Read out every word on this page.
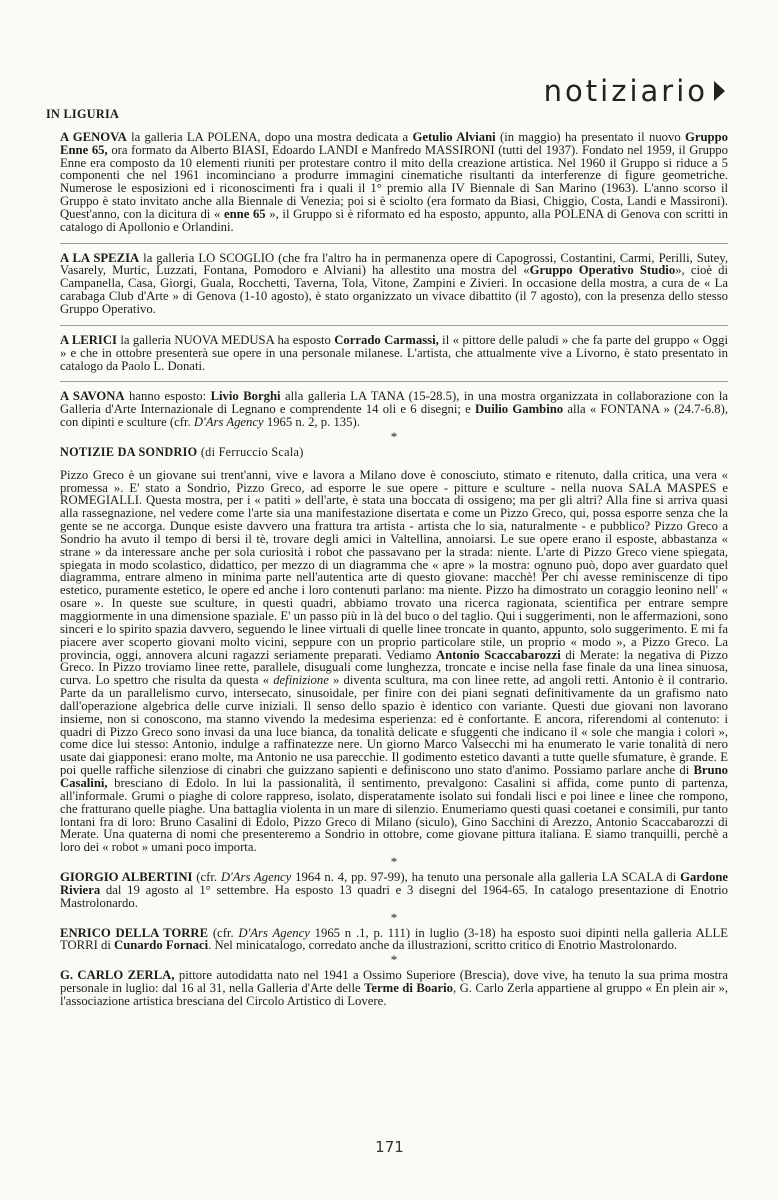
notiziario
IN LIGURIA

A GENOVA la galleria LA POLENA, dopo una mostra dedicata a Getulio Alviani (in maggio) ha presentato il nuovo Gruppo Enne 65, ora formato da Alberto BIASI, Edoardo LANDI e Manfredo MASSIRONI (tutti del 1937). Fondato nel 1959, il Gruppo Enne era composto da 10 elementi riuniti per protestare contro il mito della creazione artistica. Nel 1960 il Gruppo si riduce a 5 componenti che nel 1961 incominciano a produrre immagini cinematiche risultanti da interferenze di figure geometriche. Numerose le esposizioni ed i riconoscimenti fra i quali il 1° premio alla IV Biennale di San Marino (1963). L'anno scorso il Gruppo è stato invitato anche alla Biennale di Venezia; poi si è sciolto (era formato da Biasi, Chiggio, Costa, Landi e Massironi). Quest'anno, con la dicitura di « enne 65 », il Gruppo si è riformato ed ha esposto, appunto, alla POLENA di Genova con scritti in catalogo di Apollonio e Orlandini.

A LA SPEZIA la galleria LO SCOGLIO (che fra l'altro ha in permanenza opere di Capogrossi, Costantini, Carmi, Perilli, Sutey, Vasarely, Murtic, Luzzati, Fontana, Pomodoro e Alviani) ha allestito una mostra del «Gruppo Operativo Studio», cioè di Campanella, Casa, Giorgi, Guala, Rocchetti, Taverna, Tola, Vitone, Zampini e Zivieri. In occasione della mostra, a cura de « La carabaga Club d'Arte » di Genova (1-10 agosto), è stato organizzato un vivace dibattito (il 7 agosto), con la presenza dello stesso Gruppo Operativo.

A LERICI la galleria NUOVA MEDUSA ha esposto Corrado Carmassi, il « pittore delle paludi » che fa parte del gruppo « Oggi » e che in ottobre presenterà sue opere in una personale milanese. L'artista, che attualmente vive a Livorno, è stato presentato in catalogo da Paolo L. Donati.

A SAVONA hanno esposto: Livio Borghi alla galleria LA TANA (15-28.5), in una mostra organizzata in collaborazione con la Galleria d'Arte Internazionale di Legnano e comprendente 14 oli e 6 disegni; e Duilio Gambino alla « FONTANA » (24.7-6.8), con dipinti e sculture (cfr. D'Ars Agency 1965 n. 2, p. 135).

*
NOTIZIE DA SONDRIO (di Ferruccio Scala)

Pizzo Greco è un giovane sui trent'anni, vive e lavora a Milano dove è conosciuto, stimato e ritenuto, dalla critica, una vera « promessa ». E' stato a Sondrio, Pizzo Greco, ad esporre le sue opere - pitture e sculture - nella nuova SALA MASPES e ROMEGIALLI. Questa mostra, per i « patiti » dell'arte, è stata una boccata di ossigeno; ma per gli altri? Alla fine si arriva quasi alla rassegnazione, nel vedere come l'arte sia una manifestazione disertata e come un Pizzo Greco, qui, possa esporre senza che la gente se ne accorga. Dunque esiste davvero una frattura tra artista - artista che lo sia, naturalmente - e pubblico? Pizzo Greco a Sondrio ha avuto il tempo di bersi il tè, trovare degli amici in Valtellina, annoiarsi. Le sue opere erano il esposte, abbastanza « strane » da interessare anche per sola curiosità i robot che passavano per la strada: niente. L'arte di Pizzo Greco viene spiegata, spiegata in modo scolastico, didattico, per mezzo di un diagramma che « apre » la mostra: ognuno può, dopo aver guardato quel diagramma, entrare almeno in minima parte nell'autentica arte di questo giovane: macchè! Per chi avesse reminiscenze di tipo estetico, puramente estetico, le opere ed anche i loro contenuti parlano: ma niente. Pizzo ha dimostrato un coraggio leonino nell' « osare ». In queste sue sculture, in questi quadri, abbiamo trovato una ricerca ragionata, scientifica per entrare sempre maggiormente in una dimensione spaziale. E' un passo più in là del buco o del taglio. Qui i suggerimenti, non le affermazioni, sono sinceri e lo spirito spazia davvero, seguendo le linee virtuali di quelle linee troncate in quanto, appunto, solo suggerimento. E mi fa piacere aver scoperto giovani molto vicini, seppure con un proprio particolare stile, un proprio « modo », a Pizzo Greco. La provincia, oggi, annovera alcuni ragazzi seriamente preparati. Vediamo Antonio Scaccabarozzi di Merate: la negativa di Pizzo Greco. In Pizzo troviamo linee rette, parallele, disuguali come lunghezza, troncate e incise nella fase finale da una linea sinuosa, curva. Lo spettro che risulta da questa « definizione » diventa scultura, ma con linee rette, ad angoli retti. Antonio è il contrario. Parte da un parallelismo curvo, intersecato, sinusoidale, per finire con dei piani segnati definitivamente da un grafismo nato dall'operazione algebrica delle curve iniziali. Il senso dello spazio è identico con variante. Questi due giovani non lavorano insieme, non si conoscono, ma stanno vivendo la medesima esperienza: ed è confortante. E ancora, riferendomi al contenuto: i quadri di Pizzo Greco sono invasi da una luce bianca, da tonalità delicate e sfuggenti che indicano il « sole che mangia i colori », come dice lui stesso: Antonio, indulge a raffinatezze nere. Un giorno Marco Valsecchi mi ha enumerato le varie tonalità di nero usate dai giapponesi: erano molte, ma Antonio ne usa parecchie. Il godimento estetico davanti a tutte quelle sfumature, è grande. E poi quelle raffiche silenziose di cinabri che guizzano sapienti e definiscono uno stato d'animo. Possiamo parlare anche di Bruno Casalini, bresciano di Edolo. In lui la passionalità, il sentimento, prevalgono: Casalini si affida, come punto di partenza, all'informale. Grumi o piaghe di colore rappreso, isolato, disperatamente isolato sui fondali lisci e poi linee e linee che rompono, che fratturano quelle piaghe. Una battaglia violenta in un mare di silenzio. Enumeriamo questi quasi coetanei e consimili, pur tanto lontani fra di loro: Bruno Casalini di Edolo, Pizzo Greco di Milano (siculo), Gino Sacchini di Arezzo, Antonio Scaccabarozzi di Merate. Una quaterna di nomi che presenteremo a Sondrio in ottobre, come giovane pittura italiana. E siamo tranquilli, perchè a loro dei « robot » umani poco importa.

*

GIORGIO ALBERTINI (cfr. D'Ars Agency 1964 n. 4, pp. 97-99), ha tenuto una personale alla galleria LA SCALA di Gardone Riviera dal 19 agosto al 1° settembre. Ha esposto 13 quadri e 3 disegni del 1964-65. In catalogo presentazione di Enotrio Mastrolonardo.

*

ENRICO DELLA TORRE (cfr. D'Ars Agency 1965 n .1, p. 111) in luglio (3-18) ha esposto suoi dipinti nella galleria ALLE TORRI di Cunardo Fornaci. Nel minicatalogo, corredato anche da illustrazioni, scritto critico di Enotrio Mastrolonardo.

*

G. CARLO ZERLA, pittore autodidatta nato nel 1941 a Ossimo Superiore (Brescia), dove vive, ha tenuto la sua prima mostra personale in luglio: dal 16 al 31, nella Galleria d'Arte delle Terme di Boario, G. Carlo Zerla appartiene al gruppo « En plein air », l'associazione artistica bresciana del Circolo Artistico di Lovere.

171
